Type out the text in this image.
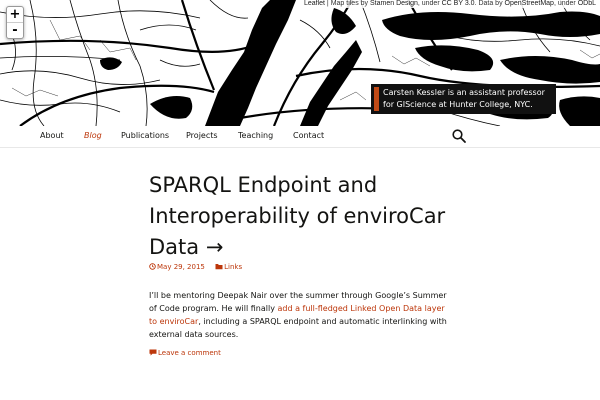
+
-
Leaflet | Map tiles by Stamen Design, under CC BY 3.0. Data by OpenStreetMap, under ODbL
Carsten Kessler is an assistant professor for GIScience at Hunter College, NYC.
About	Blog Publications Projects	Teaching Contact
SPARQL Endpoint and Interoperability of enviroCar Data →
May 29, 2015	Links

I’ll be mentoring Deepak Nair over the summer through Google’s Summer of Code program. He will finally add a full-fledged Linked Open Data layer to enviroCar, including a SPARQL endpoint and automatic interlinking with external data sources.

Leave a comment
